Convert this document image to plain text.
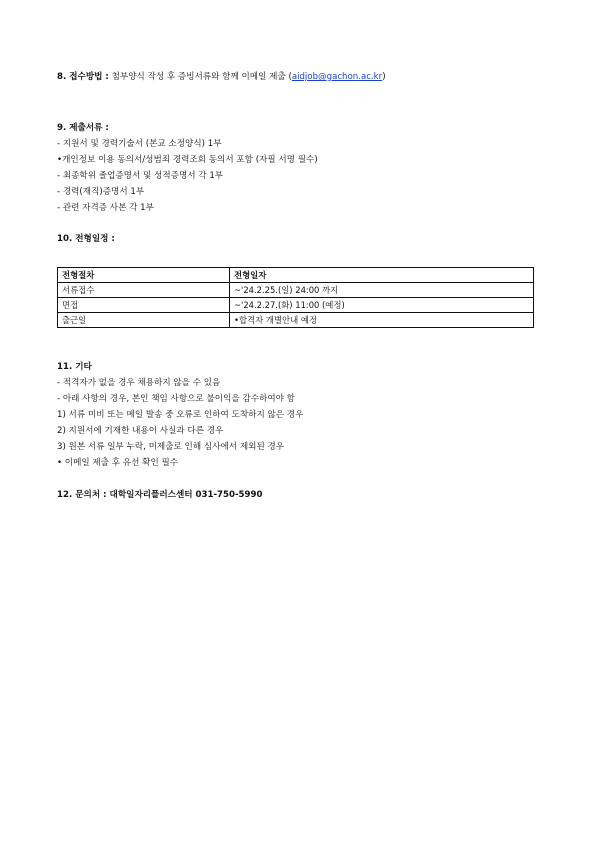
8. 접수방법 : 첨부양식 작성 후 증빙서류와 함께 이메일 제출 (aidjob@gachon.ac.kr)
9. 제출서류 :
- 지원서 및 경력기술서 (본교 소정양식) 1부
•개인정보 이용 동의서/성범죄 경력조회 동의서 포함 (자필 서명 필수)
- 최종학위 졸업증명서 및 성적증명서 각 1부
- 경력(재직)증명서 1부
- 관련 자격증 사본 각 1부
10. 전형일정 :
전형절차	전형일자
서류접수	~'24.2.25.(일) 24:00 까지
면접	~'24.2.27.(화) 11:00 (예정)
출근일	•합격자 개별안내 예정
11. 기타
- 적격자가 없을 경우 채용하지 않을 수 있음
- 아래 사항의 경우, 본인 책임 사항으로 불이익을 감수하여야 함
1) 서류 미비 또는 메일 발송 중 오류로 인하여 도착하지 않은 경우
2) 지원서에 기재한 내용이 사실과 다른 경우
3) 원본 서류 일부 누락, 미제출로 인해 심사에서 제외된 경우
• 이메일 제출 후 유선 확인 필수
12. 문의처 : 대학일자리플러스센터 031-750-5990
